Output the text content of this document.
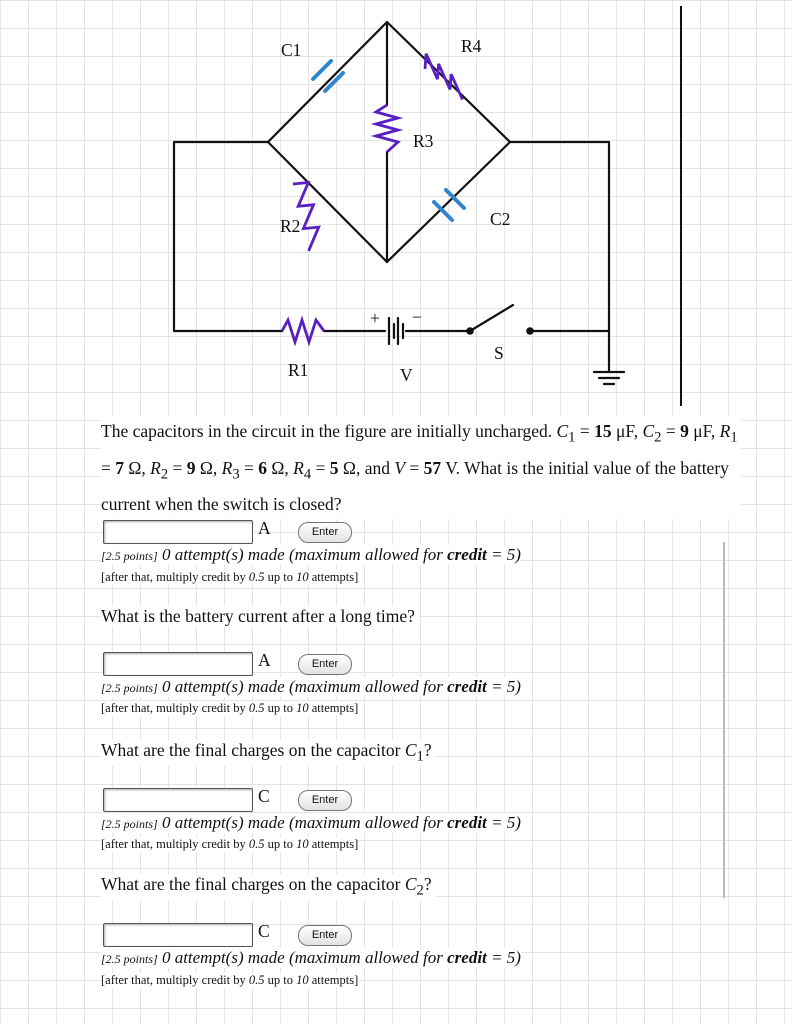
C1	R4
R3
R2	C2
R1	V
S
+ −
The capacitors in the circuit in the figure are initially uncharged. $C_1 = 15$ μF, $C_2 = 9$ μF, $R_1 = 7$ Ω, $R_2 = 9$ Ω, $R_3 = 6$ Ω, $R_4 = 5$ Ω, and V = 57 V. What is the initial value of the battery current when the switch is closed?
A	Enter
[2.5 points] 0 attempt(s) made (maximum allowed for credit = 5)
[after that, multiply credit by 0.5 up to 10 attempts]
What is the battery current after a long time?
A	Enter
[2.5 points] 0 attempt(s) made (maximum allowed for credit = 5)
[after that, multiply credit by 0.5 up to 10 attempts]
What are the final charges on the capacitor $C_1$?
C	Enter
[2.5 points] 0 attempt(s) made (maximum allowed for credit = 5)
[after that, multiply credit by 0.5 up to 10 attempts]
What are the final charges on the capacitor $C_2$?
C	Enter
[2.5 points] 0 attempt(s) made (maximum allowed for credit = 5)
[after that, multiply credit by 0.5 up to 10 attempts]
